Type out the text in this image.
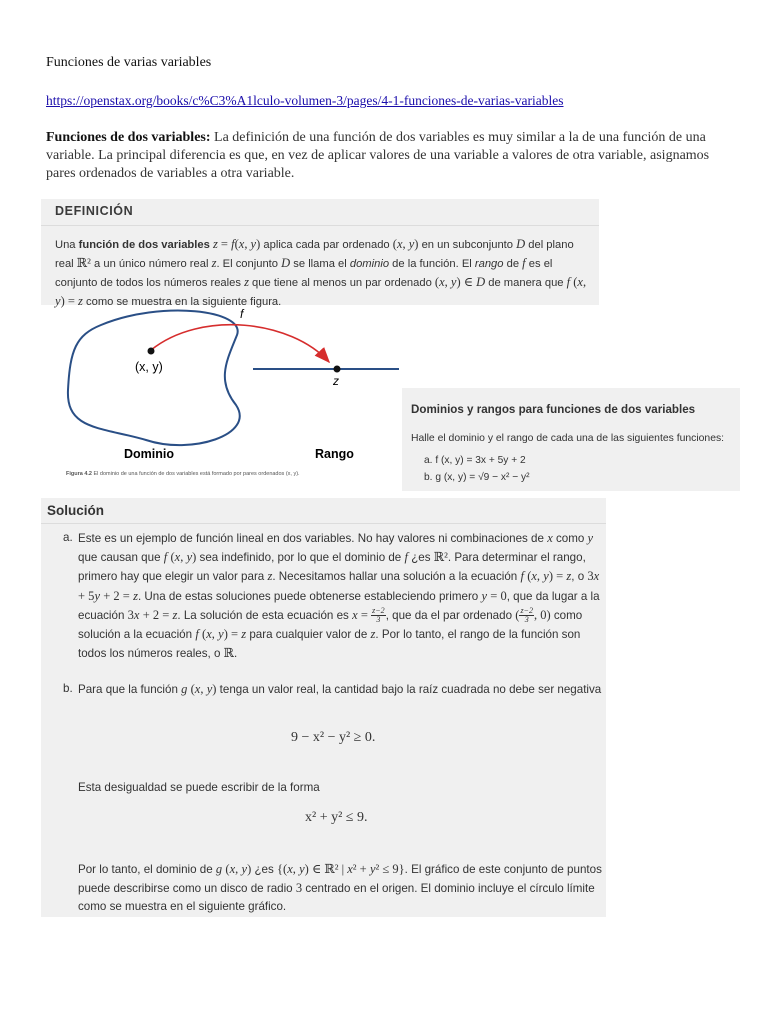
Funciones de varias variables
https://openstax.org/books/c%C3%A1lculo-volumen-3/pages/4-1-funciones-de-varias-variables
Funciones de dos variables: La definición de una función de dos variables es muy similar a la de una función de una variable. La principal diferencia es que, en vez de aplicar valores de una variable a valores de otra variable, asignamos pares ordenados de variables a otra variable.
DEFINICIÓN
Una función de dos variables z = f(x, y) aplica cada par ordenado (x, y) en un subconjunto D del plano real ℝ² a un único número real z. El conjunto D se llama el dominio de la función. El rango de f es el conjunto de todos los números reales z que tiene al menos un par ordenado (x, y) ∈ D de manera que f (x, y) = z como se muestra en la siguiente figura.
(x, y)
f
z
Dominio	Rango
Figura 4.2 El dominio de una función de dos variables está formado por pares ordenados (x, y).
Dominios y rangos para funciones de dos variables
Halle el dominio y el rango de cada una de las siguientes funciones:
a. f (x, y) = 3x + 5y + 2
b. g (x, y) = √9 − x² − y²
Solución
a. Este es un ejemplo de función lineal en dos variables. No hay valores ni combinaciones de x como y que causan que f (x, y) sea indefinido, por lo que el dominio de f ¿es ℝ². Para determinar el rango, primero hay que elegir un valor para z. Necesitamos hallar una solución a la ecuación f (x, y) = z, o 3x + 5y + 2 = z. Una de estas soluciones puede obtenerse estableciendo primero y = 0, que da lugar a la ecuación 3x + 2 = z. La solución de esta ecuación es $x = \frac{z-2}{3}$ , que da el par ordenado ( $\frac{z-2}{3}$ , 0) como solución a la ecuación f (x, y) = z para cualquier valor de z. Por lo tanto, el rango de la función son todos los números reales, o ℝ.
b. Para que la función g (x, y) tenga un valor real, la cantidad bajo la raíz cuadrada no debe ser negativa
9 − x² − y² ≥ 0.
Esta desigualdad se puede escribir de la forma
x² + y² ≤ 9.
Por lo tanto, el dominio de g (x, y) ¿es {(x, y) ∈ ℝ² | x² + y² ≤ 9}. El gráfico de este conjunto de puntos puede describirse como un disco de radio 3 centrado en el origen. El dominio incluye el círculo límite como se muestra en el siguiente gráfico.
